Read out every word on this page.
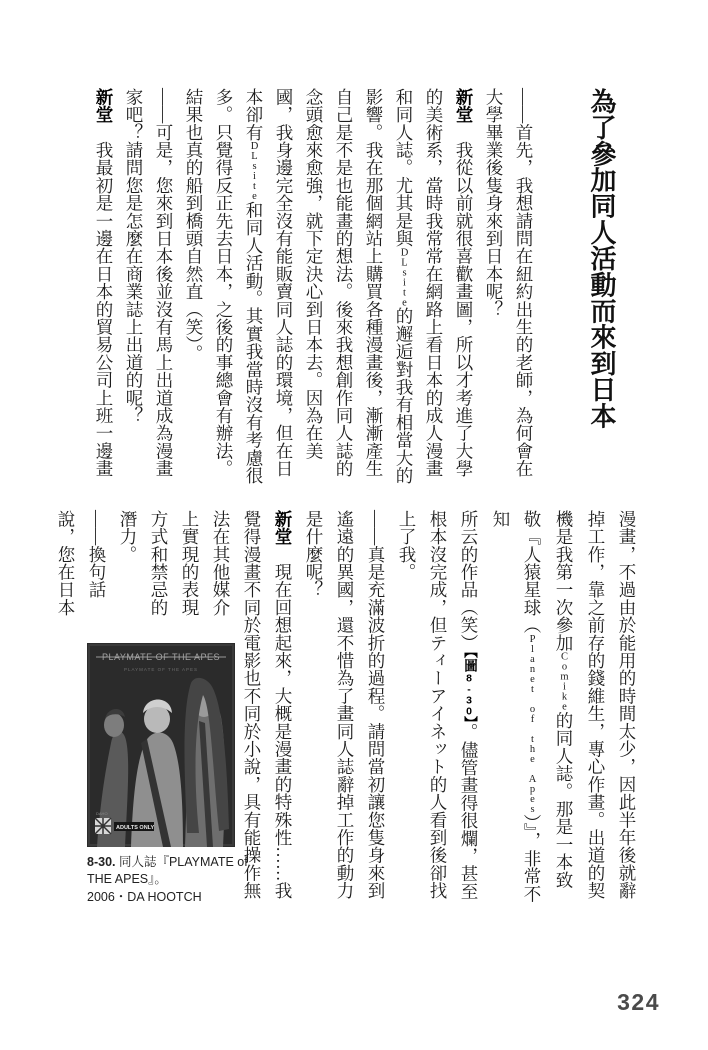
為了參加同人活動而來到日本
——首先，我想請問在紐約出生的老師，為何會在
大學畢業後隻身來到日本呢？
新堂　我從以前就很喜歡畫圖，所以才考進了大學
的美術系，當時我常常在網路上看日本的成人漫畫
和同人誌。尤其是與DLsite的邂逅對我有相當大的
影響。我在那個網站上購買各種漫畫後，漸漸產生
自己是不是也能畫的想法。後來我想創作同人誌的
念頭愈來愈強，就下定決心到日本去。因為在美
國，我身邊完全沒有能販賣同人誌的環境，但在日
本卻有DLsite和同人活動。其實我當時沒有考慮很
多。只覺得反正先去日本，之後的事總會有辦法。
結果也真的船到橋頭自然直（笑）。
——可是，您來到日本後並沒有馬上出道成為漫畫
家吧？請問您是怎麼在商業誌上出道的呢？
新堂　我最初是一邊在日本的貿易公司上班一邊畫
漫畫，不過由於能用的時間太少，因此半年後就辭
掉工作，靠之前存的錢維生，專心作畫。出道的契
機是我第一次參加Comike的同人誌。那是一本致
敬『人猿星球（Planet of the Apes）』，非常不知
所云的作品（笑）【圖8-30】。儘管畫得很爛，甚至
根本沒完成，但ティーアイネット的人看到後卻找
上了我。
——真是充滿波折的過程。請問當初讓您隻身來到
遙遠的異國，還不惜為了畫同人誌辭掉工作的動力
是什麼呢？
新堂　現在回想起來，大概是漫畫的特殊性……我
覺得漫畫不同於電影也不同於小說，具有能操作無
法在其他媒介
上實現的表現
方式和禁忌的
潛力。
——換句話
說，您在日本
PLAYMATE OF THE APES
PLAYMATE OF THE APES
DAHO
ADULTS ONLY
8-30. 同人誌『PLAYMATE of THE APES』。
2006・DA HOOTCH
324
